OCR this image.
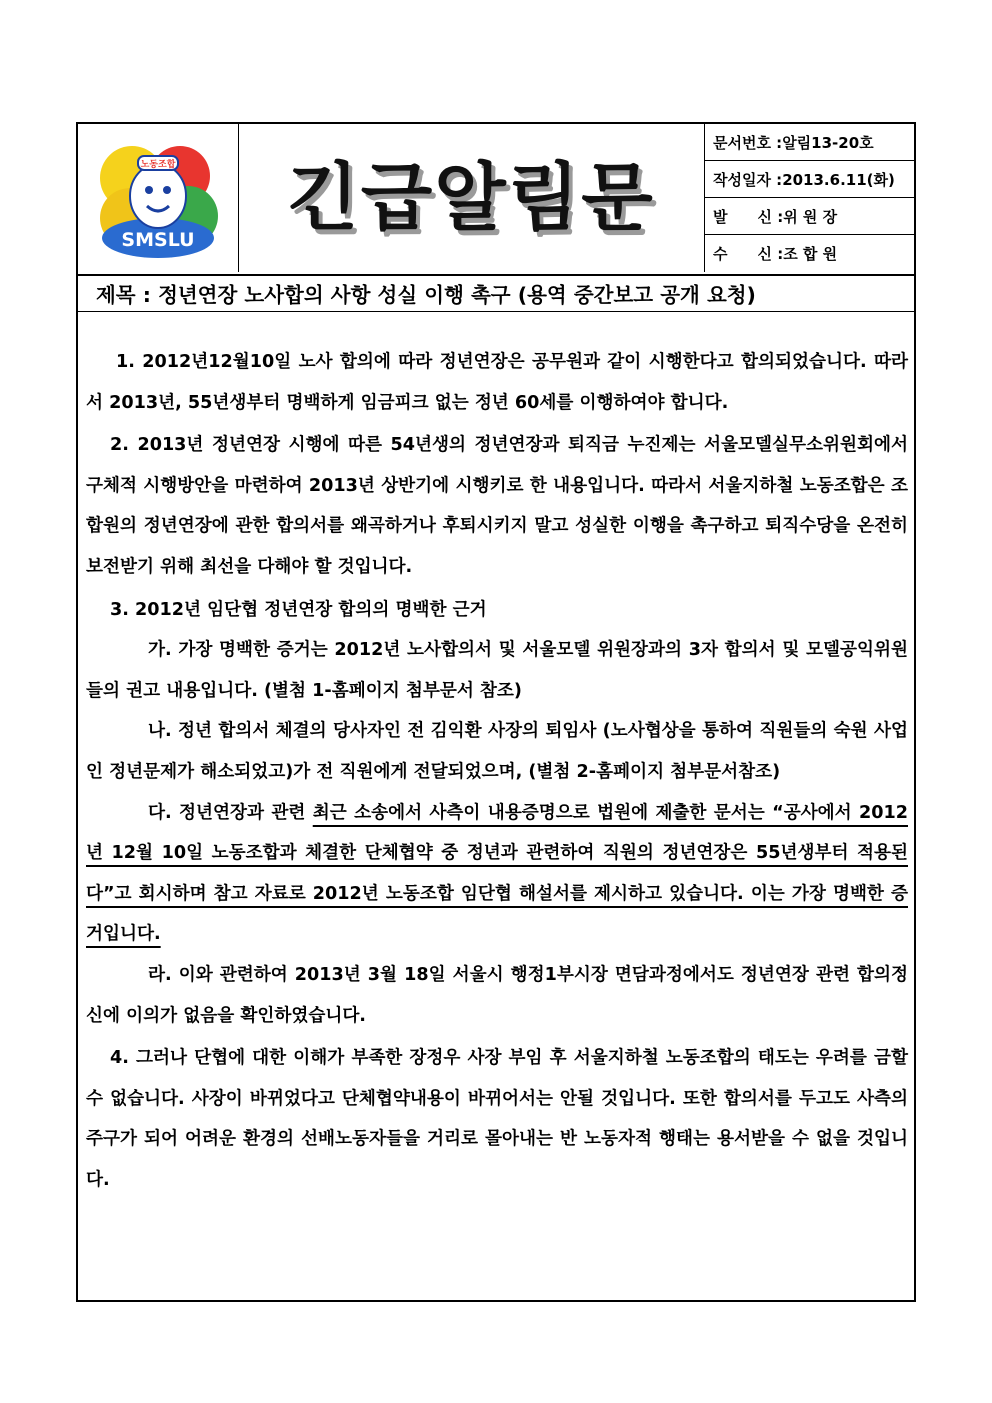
노동조합
SMSLU 긴급알림문
문서번호 : 알림13-20호
작성일자 : 2013.6.11(화)
발　　신 : 위 원 장
수　　신 : 조 합 원
제목 : 정년연장 노사합의 사항 성실 이행 촉구 (용역 중간보고 공개 요청)

1. 2012년12월10일 노사 합의에 따라 정년연장은 공무원과 같이 시행한다고 합의되었습니다. 따라서 2013년, 55년생부터 명백하게 임금피크 없는 정년 60세를 이행하여야 합니다.

2. 2013년 정년연장 시행에 따른 54년생의 정년연장과 퇴직금 누진제는 서울모델실무소위원회에서 구체적 시행방안을 마련하여 2013년 상반기에 시행키로 한 내용입니다. 따라서 서울지하철 노동조합은 조합원의 정년연장에 관한 합의서를 왜곡하거나 후퇴시키지 말고 성실한 이행을 촉구하고 퇴직수당을 온전히 보전받기 위해 최선을 다해야 할 것입니다.

3. 2012년 임단협 정년연장 합의의 명백한 근거

가. 가장 명백한 증거는 2012년 노사합의서 및 서울모델 위원장과의 3자 합의서 및 모델공익위원들의 권고 내용입니다. (별첨 1-홈페이지 첨부문서 참조)

나. 정년 합의서 체결의 당사자인 전 김익환 사장의 퇴임사 (노사협상을 통하여 직원들의 숙원 사업인 정년문제가 해소되었고)가 전 직원에게 전달되었으며, (별첨 2-홈페이지 첨부문서참조)

다. 정년연장과 관련 최근 소송에서 사측이 내용증명으로 법원에 제출한 문서는 “공사에서 2012년 12월 10일 노동조합과 체결한 단체협약 중 정년과 관련하여 직원의 정년연장은 55년생부터 적용된다”고 회시하며 참고 자료로 2012년 노동조합 임단협 해설서를 제시하고 있습니다. 이는 가장 명백한 증거입니다.

라. 이와 관련하여 2013년 3월 18일 서울시 행정1부시장 면담과정에서도 정년연장 관련 합의정신에 이의가 없음을 확인하였습니다.

4. 그러나 단협에 대한 이해가 부족한 장정우 사장 부임 후 서울지하철 노동조합의 태도는 우려를 금할 수 없습니다. 사장이 바뀌었다고 단체협약내용이 바뀌어서는 안될 것입니다. 또한 합의서를 두고도 사측의 주구가 되어 어려운 환경의 선배노동자들을 거리로 몰아내는 반 노동자적 행태는 용서받을 수 없을 것입니다.
